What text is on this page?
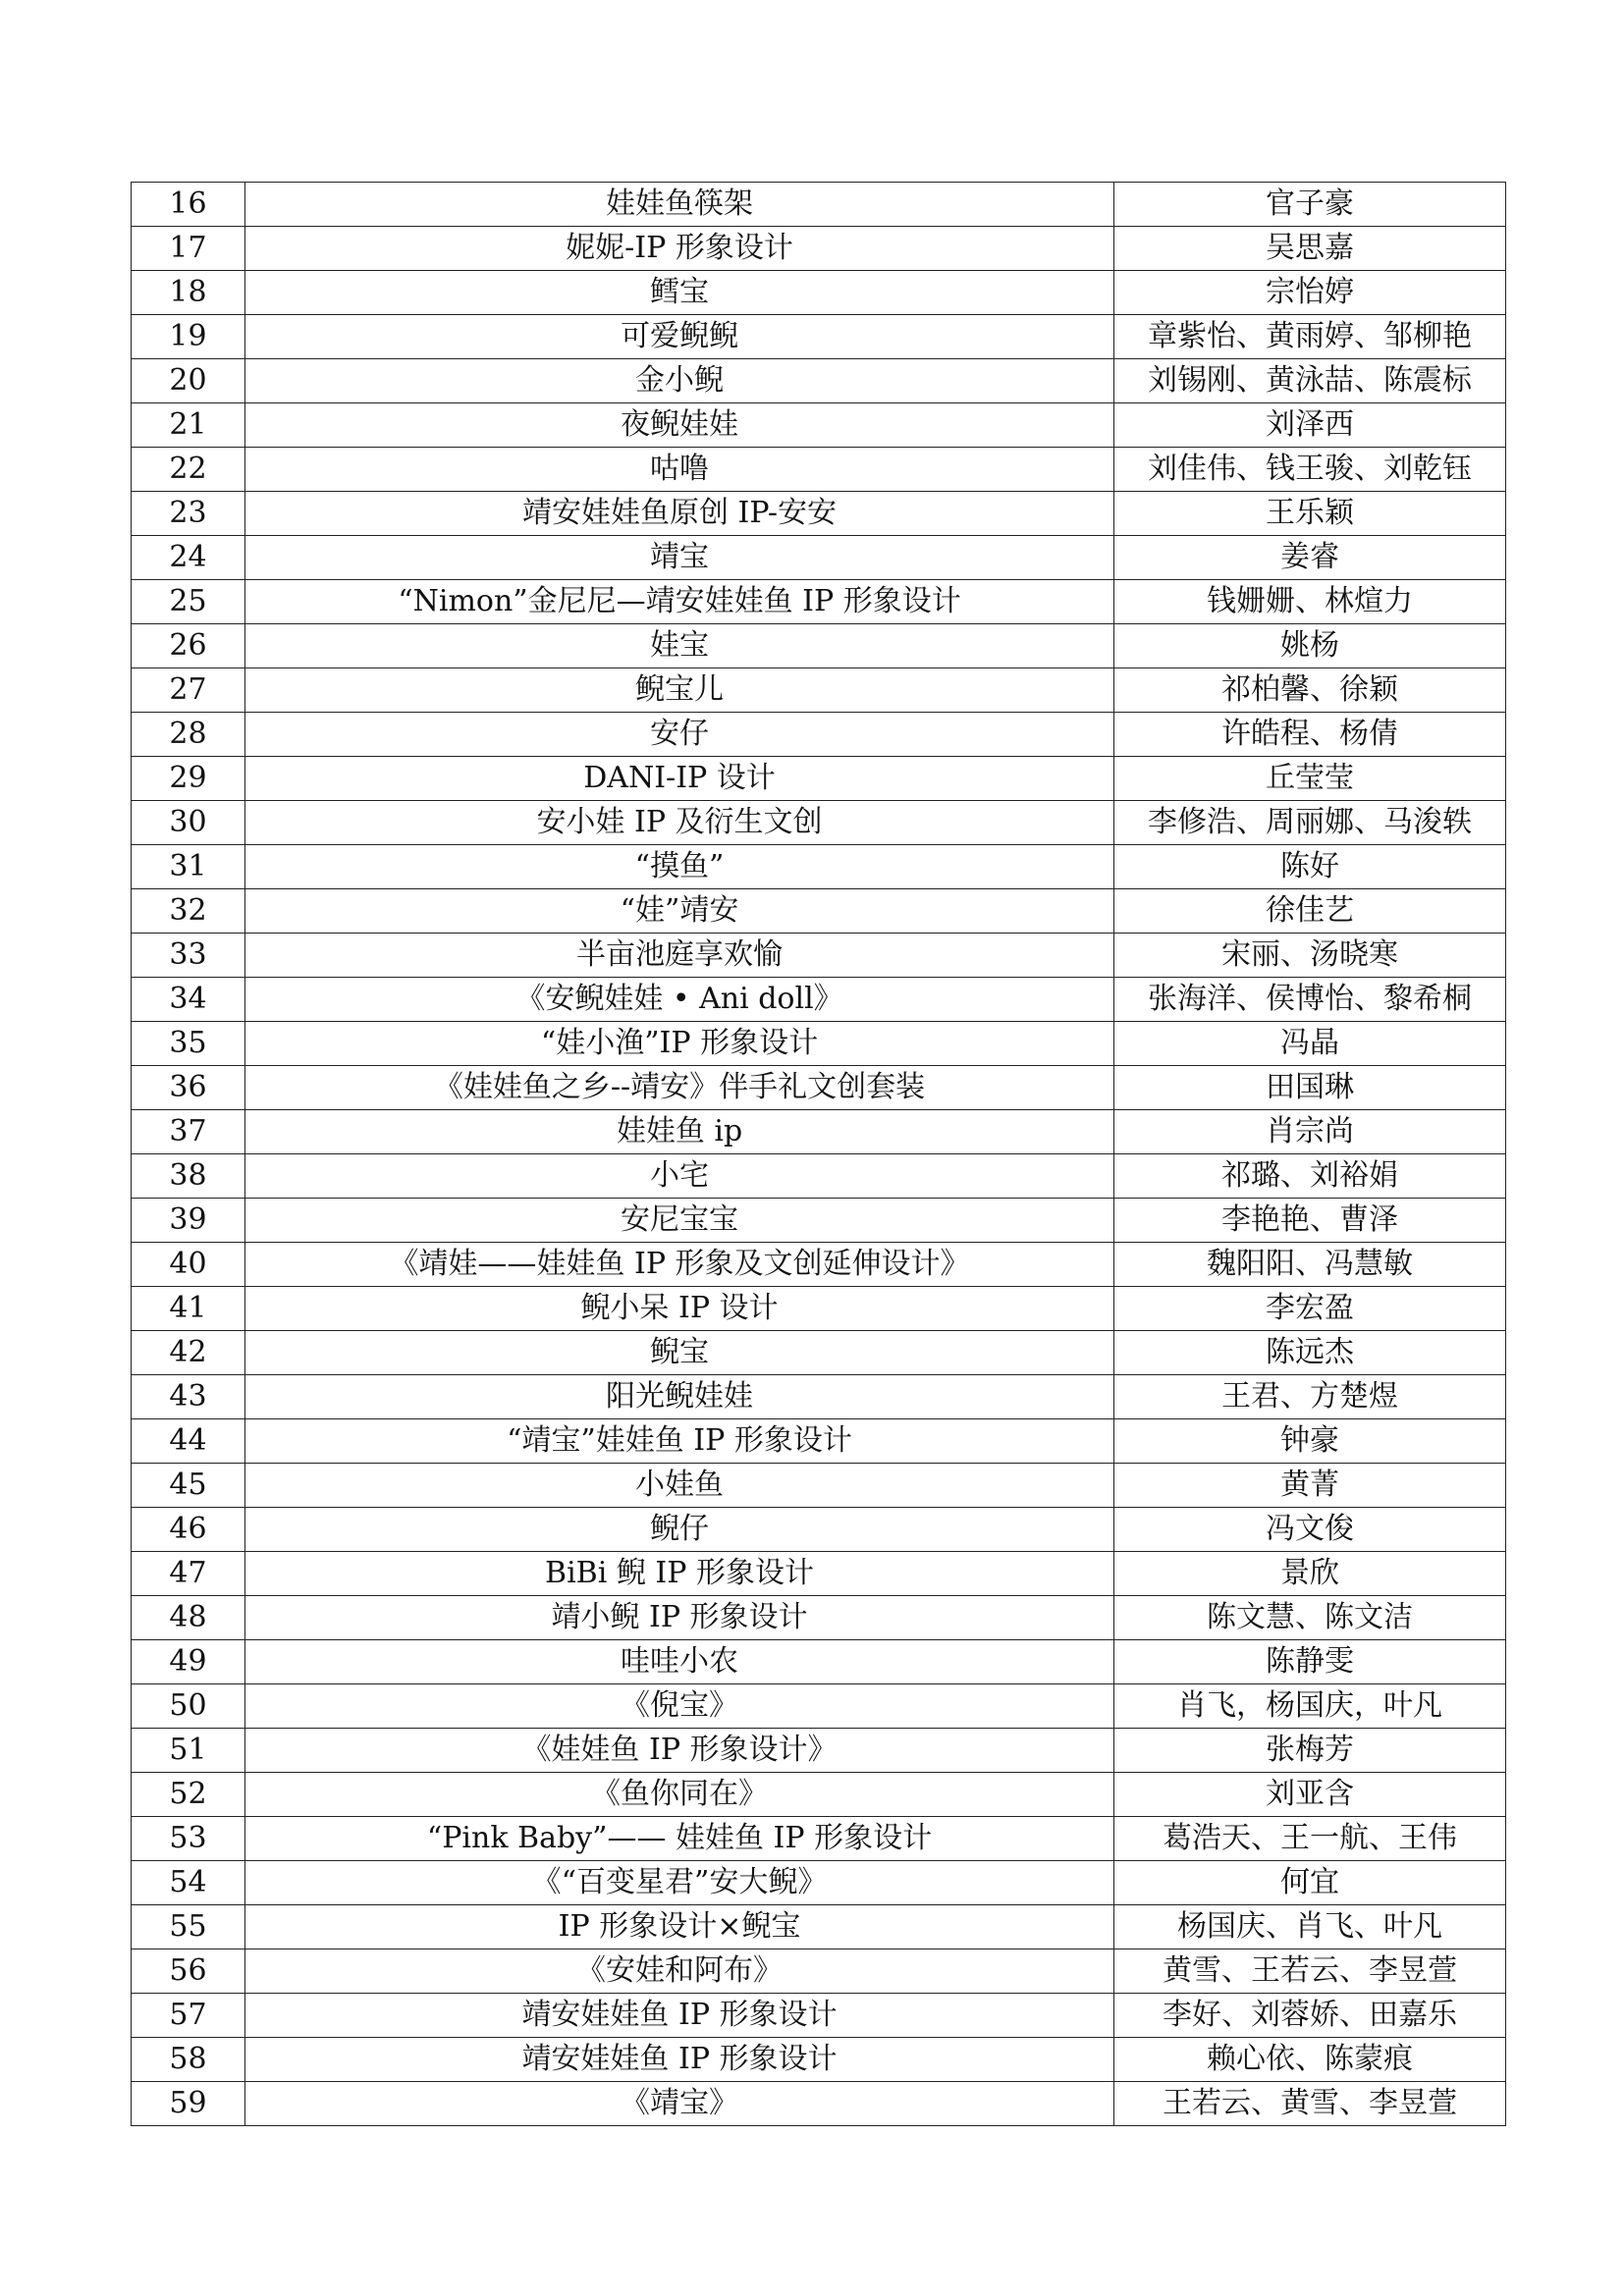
16	娃娃鱼筷架	官子豪
17	妮妮-IP 形象设计	吴思嘉
18	鳕宝	宗怡婷
19	可爱鲵鲵	章紫怡、黄雨婷、邹柳艳
20	金小鲵	刘锡刚、黄泳喆、陈震标
21	夜鲵娃娃	刘泽西
22	咕噜	刘佳伟、钱王骏、刘乾钰
23	靖安娃娃鱼原创 IP-安安	王乐颖
24	靖宝	姜睿
25	“Nimon”金尼尼—靖安娃娃鱼 IP 形象设计	钱姗姗、林煊力
26	娃宝	姚杨
27	鲵宝儿	祁柏馨、徐颖
28	安仔	许皓程、杨倩
29	DANI-IP 设计	丘莹莹
30	安小娃 IP 及衍生文创	李修浩、周丽娜、马浚轶
31	“摸鱼”	陈好
32	“娃”靖安	徐佳艺
33	半亩池庭享欢愉	宋丽、汤晓寒
34	《安鲵娃娃 • Ani doll》	张海洋、侯博怡、黎希桐
35	“娃小渔”IP 形象设计	冯晶
36	《娃娃鱼之乡--靖安》伴手礼文创套装	田国琳
37	娃娃鱼 ip	肖宗尚
38	小宅	祁璐、刘裕娟
39	安尼宝宝	李艳艳、曹泽
40	《靖娃——娃娃鱼 IP 形象及文创延伸设计》	魏阳阳、冯慧敏
41	鲵小呆 IP 设计	李宏盈
42	鲵宝	陈远杰
43	阳光鲵娃娃	王君、方楚煜
44	“靖宝”娃娃鱼 IP 形象设计	钟豪
45	小娃鱼	黄菁
46	鲵仔	冯文俊
47	BiBi 鲵 IP 形象设计	景欣
48	靖小鲵 IP 形象设计	陈文慧、陈文洁
49	哇哇小农	陈静雯
50	《倪宝》	肖飞，杨国庆，叶凡
51	《娃娃鱼 IP 形象设计》	张梅芳
52	《鱼你同在》	刘亚含
53	“Pink Baby”—— 娃娃鱼 IP 形象设计	葛浩天、王一航、王伟
54	《“百变星君”安大鲵》	何宜
55	IP 形象设计×鲵宝	杨国庆、肖飞、叶凡
56	《安娃和阿布》	黄雪、王若云、李昱萱
57	靖安娃娃鱼 IP 形象设计	李好、刘蓉娇、田嘉乐
58	靖安娃娃鱼 IP 形象设计	赖心依、陈蒙痕
59	《靖宝》	王若云、黄雪、李昱萱
